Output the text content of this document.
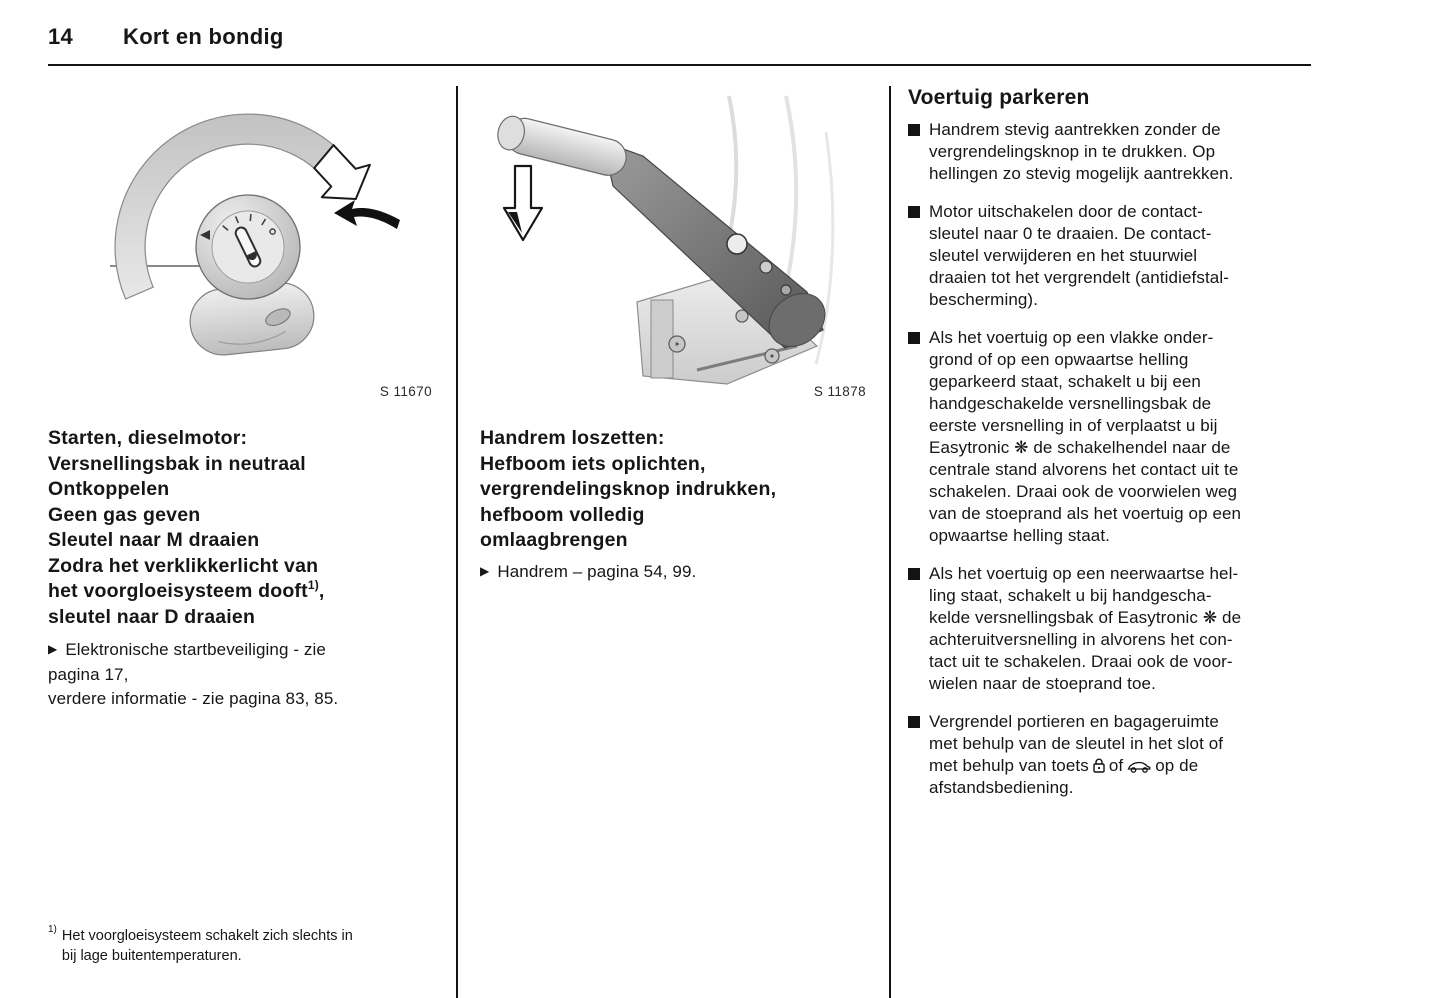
14	Kort en bondig
S 11670
Starten, dieselmotor:
Versnellingsbak in neutraal
Ontkoppelen
Geen gas geven
Sleutel naar M draaien
Zodra het verklikkerlicht van
het voorgloeisysteem dooft$^{1)}$,
sleutel naar D draaien
▶ Elektronische startbeveiliging - zie
pagina 17,
verdere informatie - zie pagina 83, 85.
$^{1)}$ Het voorgloeisysteem schakelt zich slechts in
bij lage buitentemperaturen.
S 11878
Handrem loszetten:
Hefboom iets oplichten,
vergrendelingsknop indrukken,
hefboom volledig
omlaagbrengen
▶ Handrem – pagina 54, 99.
Voertuig parkeren
Handrem stevig aantrekken zonder de
vergrendelingsknop in te drukken. Op
hellingen zo stevig mogelijk aantrekken.
Motor uitschakelen door de contact-
sleutel naar 0 te draaien. De contact-
sleutel verwijderen en het stuurwiel
draaien tot het vergrendelt (antidiefstal-
bescherming).
Als het voertuig op een vlakke onder-
grond of op een opwaartse helling
geparkeerd staat, schakelt u bij een
handgeschakelde versnellingsbak de
eerste versnelling in of verplaatst u bij
Easytronic ❋ de schakelhendel naar de
centrale stand alvorens het contact uit te
schakelen. Draai ook de voorwielen weg
van de stoeprand als het voertuig op een
opwaartse helling staat.
Als het voertuig op een neerwaartse hel-
ling staat, schakelt u bij handgescha-
kelde versnellingsbak of Easytronic ❋ de
achteruitversnelling in alvorens het con-
tact uit te schakelen. Draai ook de voor-
wielen naar de stoeprand toe.
Vergrendel portieren en bagageruimte
met behulp van de sleutel in het slot of
met behulp van toets of op de
afstandsbediening.
